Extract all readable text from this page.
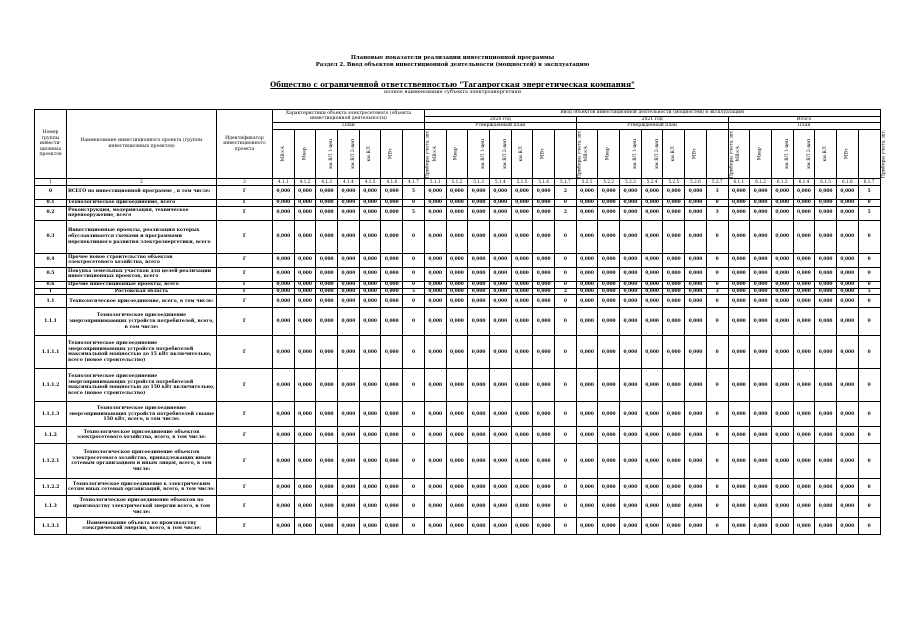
Плановые показатели реализации инвестиционной программы
Раздел 2. Ввод объектов инвестиционной деятельности (мощностей) в эксплуатацию
Общество с ограниченной ответственностью "Таганрогская энергетическая компания"
полное наименование субъекта электроэнергетики
Номер группы инвести-ционных проектов	Наименование инвестиционного проекта (группы инвестиционных проектов)	Идентификатор инвестиционного проекта	Характеристики объекта электросетевого (объекта инвестиционной деятельности)							Ввод объектов инвестиционной деятельности (мощностей) в эксплуатацию																				
										2020 год							2021 год							Итого						
			План							Утвержденный план							Утвержденный план							План						
			МВ×А	Мвар	км ВЛ 1-цеп	км ВЛ 2-цеп	км КЛ	МВт	Приборы учета, шт.	МВ×А	Мвар	км ВЛ 1-цеп	км ВЛ 2-цеп	км КЛ	МВт	Приборы учета, шт.	МВ×А	Мвар	км ВЛ 1-цеп	км ВЛ 2-цеп	км КЛ	МВт	Приборы учета, шт.	МВ×А	Мвар	км ВЛ 1-цеп	км ВЛ 2-цеп	км КЛ	МВт	Приборы учета, шт.
1	2	3	4.1.1	4.1.2	4.1.3	4.1.4	4.1.5	4.1.6	4.1.7	5.1.1	5.1.2	5.1.3	5.1.4	5.1.5	5.1.6	5.1.7	5.2.1	5.2.2	5.2.3	5.2.4	5.2.5	5.2.6	5.2.7	6.1.1	6.1.2	6.1.3	6.1.4	6.1.5	6.1.6	6.1.7
0	ВСЕГО по инвестиционной программе , в том числе:	Г	0,000	0,000	0,000	0,000	0,000	0,000	5	0,000	0,000	0,000	0,000	0,000	0,000	2	0,000	0,000	0,000	0,000	0,000	0,000	3	0,000	0,000	0,000	0,000	0,000	0,000	5
0.1	Технологическое присоединение, всего	Г	0,000	0,000	0,000	0,000	0,000	0,000	0	0,000	0,000	0,000	0,000	0,000	0,000	0	0,000	0,000	0,000	0,000	0,000	0,000	0	0,000	0,000	0,000	0,000	0,000	0,000	0
0.2	Реконструкция, модернизация, техническое перевооружение, всего	Г	0,000	0,000	0,000	0,000	0,000	0,000	5	0,000	0,000	0,000	0,000	0,000	0,000	2	0,000	0,000	0,000	0,000	0,000	0,000	3	0,000	0,000	0,000	0,000	0,000	0,000	5
0.3	Инвестиционные проекты, реализация которых обуславливается схемами и программами перспективного развития электроэнергетики, всего	Г	0,000	0,000	0,000	0,000	0,000	0,000	0	0,000	0,000	0,000	0,000	0,000	0,000	0	0,000	0,000	0,000	0,000	0,000	0,000	0	0,000	0,000	0,000	0,000	0,000	0,000	0
0.4	Прочее новое строительство объектов электросетевого хозяйства, всего	Г	0,000	0,000	0,000	0,000	0,000	0,000	0	0,000	0,000	0,000	0,000	0,000	0,000	0	0,000	0,000	0,000	0,000	0,000	0,000	0	0,000	0,000	0,000	0,000	0,000	0,000	0
0.5	Покупка земельных участков для целей реализации инвестиционных проектов, всего	Г	0,000	0,000	0,000	0,000	0,000	0,000	0	0,000	0,000	0,000	0,000	0,000	0,000	0	0,000	0,000	0,000	0,000	0,000	0,000	0	0,000	0,000	0,000	0,000	0,000	0,000	0
0.6	Прочие инвестиционные проекты, всего	Г	0,000	0,000	0,000	0,000	0,000	0,000	0	0,000	0,000	0,000	0,000	0,000	0,000	0	0,000	0,000	0,000	0,000	0,000	0,000	0	0,000	0,000	0,000	0,000	0,000	0,000	0
I	Ростовская область	Г	0,000	0,000	0,000	0,000	0,000	0,000	5	0,000	0,000	0,000	0,000	0,000	0,000	2	0,000	0,000	0,000	0,000	0,000	0,000	3	0,000	0,000	0,000	0,000	0,000	0,000	5
1.1	Технологическое присоединение, всего, в том числе:	Г	0,000	0,000	0,000	0,000	0,000	0,000	0	0,000	0,000	0,000	0,000	0,000	0,000	0	0,000	0,000	0,000	0,000	0,000	0,000	0	0,000	0,000	0,000	0,000	0,000	0,000	0
1.1.1	Технологическое присоединение энергопринимающих устройств потребителей, всего, в том числе:	Г	0,000	0,000	0,000	0,000	0,000	0,000	0	0,000	0,000	0,000	0,000	0,000	0,000	0	0,000	0,000	0,000	0,000	0,000	0,000	0	0,000	0,000	0,000	0,000	0,000	0,000	0
1.1.1.1	Технологическое присоединение энергопринимающих устройств потребителей максимальной мощностью до 15 кВт включительно, всего (новое строительство)	Г	0,000	0,000	0,000	0,000	0,000	0,000	0	0,000	0,000	0,000	0,000	0,000	0,000	0	0,000	0,000	0,000	0,000	0,000	0,000	0	0,000	0,000	0,000	0,000	0,000	0,000	0
1.1.1.2	Технологическое присоединение энергопринимающих устройств потребителей максимальной мощностью до 150 кВт включительно, всего (новое строительство)	Г	0,000	0,000	0,000	0,000	0,000	0,000	0	0,000	0,000	0,000	0,000	0,000	0,000	0	0,000	0,000	0,000	0,000	0,000	0,000	0	0,000	0,000	0,000	0,000	0,000	0,000	0
1.1.1.3	Технологическое присоединение энергопринимающих устройств потребителей свыше 150 кВт, всего, в том числе:	Г	0,000	0,000	0,000	0,000	0,000	0,000	0	0,000	0,000	0,000	0,000	0,000	0,000	0	0,000	0,000	0,000	0,000	0,000	0,000	0	0,000	0,000	0,000	0,000	0,000	0,000	0
1.1.2	Технологическое присоединение объектов электросетевого хозяйства, всего, в том числе:	Г	0,000	0,000	0,000	0,000	0,000	0,000	0	0,000	0,000	0,000	0,000	0,000	0,000	0	0,000	0,000	0,000	0,000	0,000	0,000	0	0,000	0,000	0,000	0,000	0,000	0,000	0
1.1.2.1	Технологическое присоединение объектов электросетевого хозяйства, принадлежащих иным сетевым организациям и иным лицам, всего, в том числе:	Г	0,000	0,000	0,000	0,000	0,000	0,000	0	0,000	0,000	0,000	0,000	0,000	0,000	0	0,000	0,000	0,000	0,000	0,000	0,000	0	0,000	0,000	0,000	0,000	0,000	0,000	0
1.1.2.2	Технологическое присоединение к электрическим сетям иных сетевых организаций, всего, в том числе:	Г	0,000	0,000	0,000	0,000	0,000	0,000	0	0,000	0,000	0,000	0,000	0,000	0,000	0	0,000	0,000	0,000	0,000	0,000	0,000	0	0,000	0,000	0,000	0,000	0,000	0,000	0
1.1.3	Технологическое присоединение объектов по производству электрической энергии всего, в том числе:	Г	0,000	0,000	0,000	0,000	0,000	0,000	0	0,000	0,000	0,000	0,000	0,000	0,000	0	0,000	0,000	0,000	0,000	0,000	0,000	0	0,000	0,000	0,000	0,000	0,000	0,000	0
1.1.3.1	Наименование объекта по производству электрической энергии, всего, в том числе:	Г	0,000	0,000	0,000	0,000	0,000	0,000	0	0,000	0,000	0,000	0,000	0,000	0,000	0	0,000	0,000	0,000	0,000	0,000	0,000	0	0,000	0,000	0,000	0,000	0,000	0,000	0
